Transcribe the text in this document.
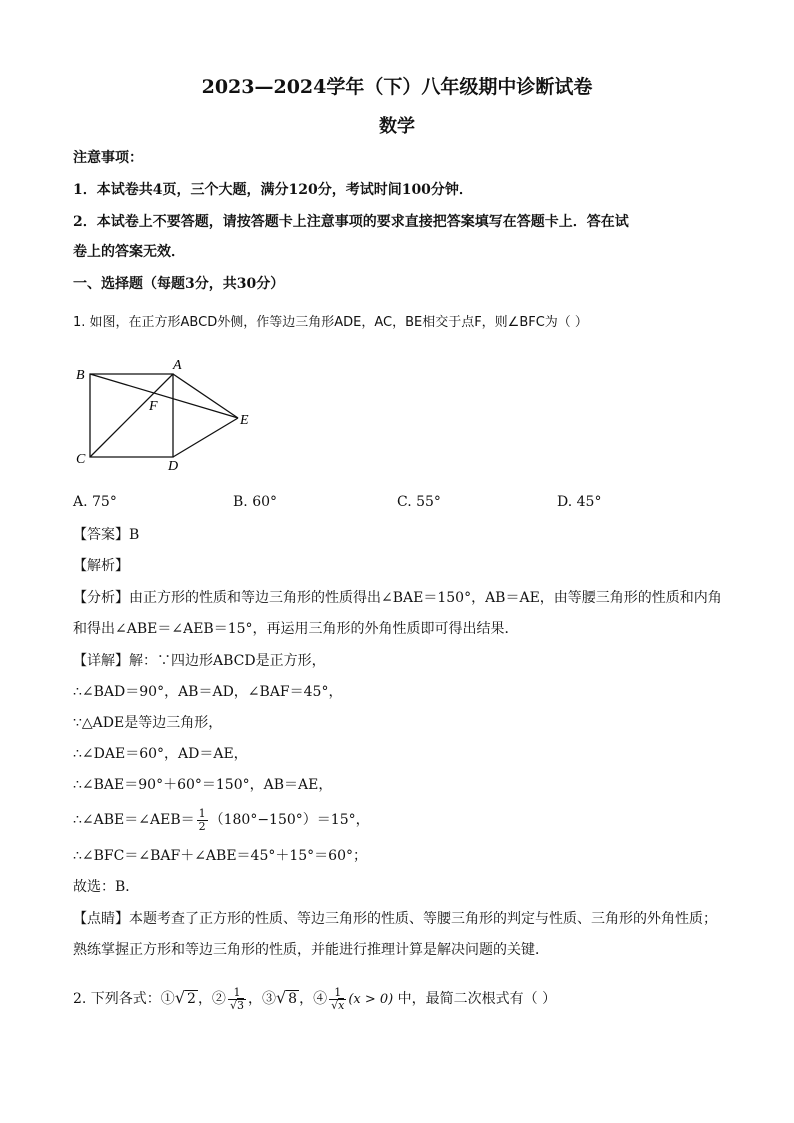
2023—2024学年（下）八年级期中诊断试卷
数学
注意事项：
1．本试卷共4页，三个大题，满分120分，考试时间100分钟．
2．本试卷上不要答题，请按答题卡上注意事项的要求直接把答案填写在答题卡上．答在试
卷上的答案无效．
一、选择题（每题3分，共30分）
1. 如图，在正方形ABCD外侧，作等边三角形ADE，AC，BE相交于点F，则∠BFC为（ ）
B
A
F
E
C	D
A. 75°	B. 60°	C. 55°	D. 45°
【答案】B
【解析】
【分析】由正方形的性质和等边三角形的性质得出∠BAE＝150°，AB＝AE，由等腰三角形的性质和内角
和得出∠ABE＝∠AEB＝15°，再运用三角形的外角性质即可得出结果．
【详解】解：∵四边形ABCD是正方形，
∴∠BAD＝90°，AB＝AD，∠BAF＝45°，
∵△ADE是等边三角形，
∴∠DAE＝60°，AD＝AE，
∴∠BAE＝90°＋60°＝150°，AB＝AE，
∴∠ABE＝∠AEB＝ $\frac{1}{2} (180^\circ-150^\circ)=15^\circ$，
∴∠BFC＝∠BAF＋∠ABE＝45°＋15°＝60°；
故选：B．
【点睛】本题考查了正方形的性质、等边三角形的性质、等腰三角形的判定与性质、三角形的外角性质；
熟练掌握正方形和等边三角形的性质，并能进行推理计算是解决问题的关键．
2. 下列各式：①√ 2 ，② $\frac{1}{√3}$ ，③√ 8 ，④ $\frac{1}{√x} (x > 0)$ 中，最简二次根式有（ ）
